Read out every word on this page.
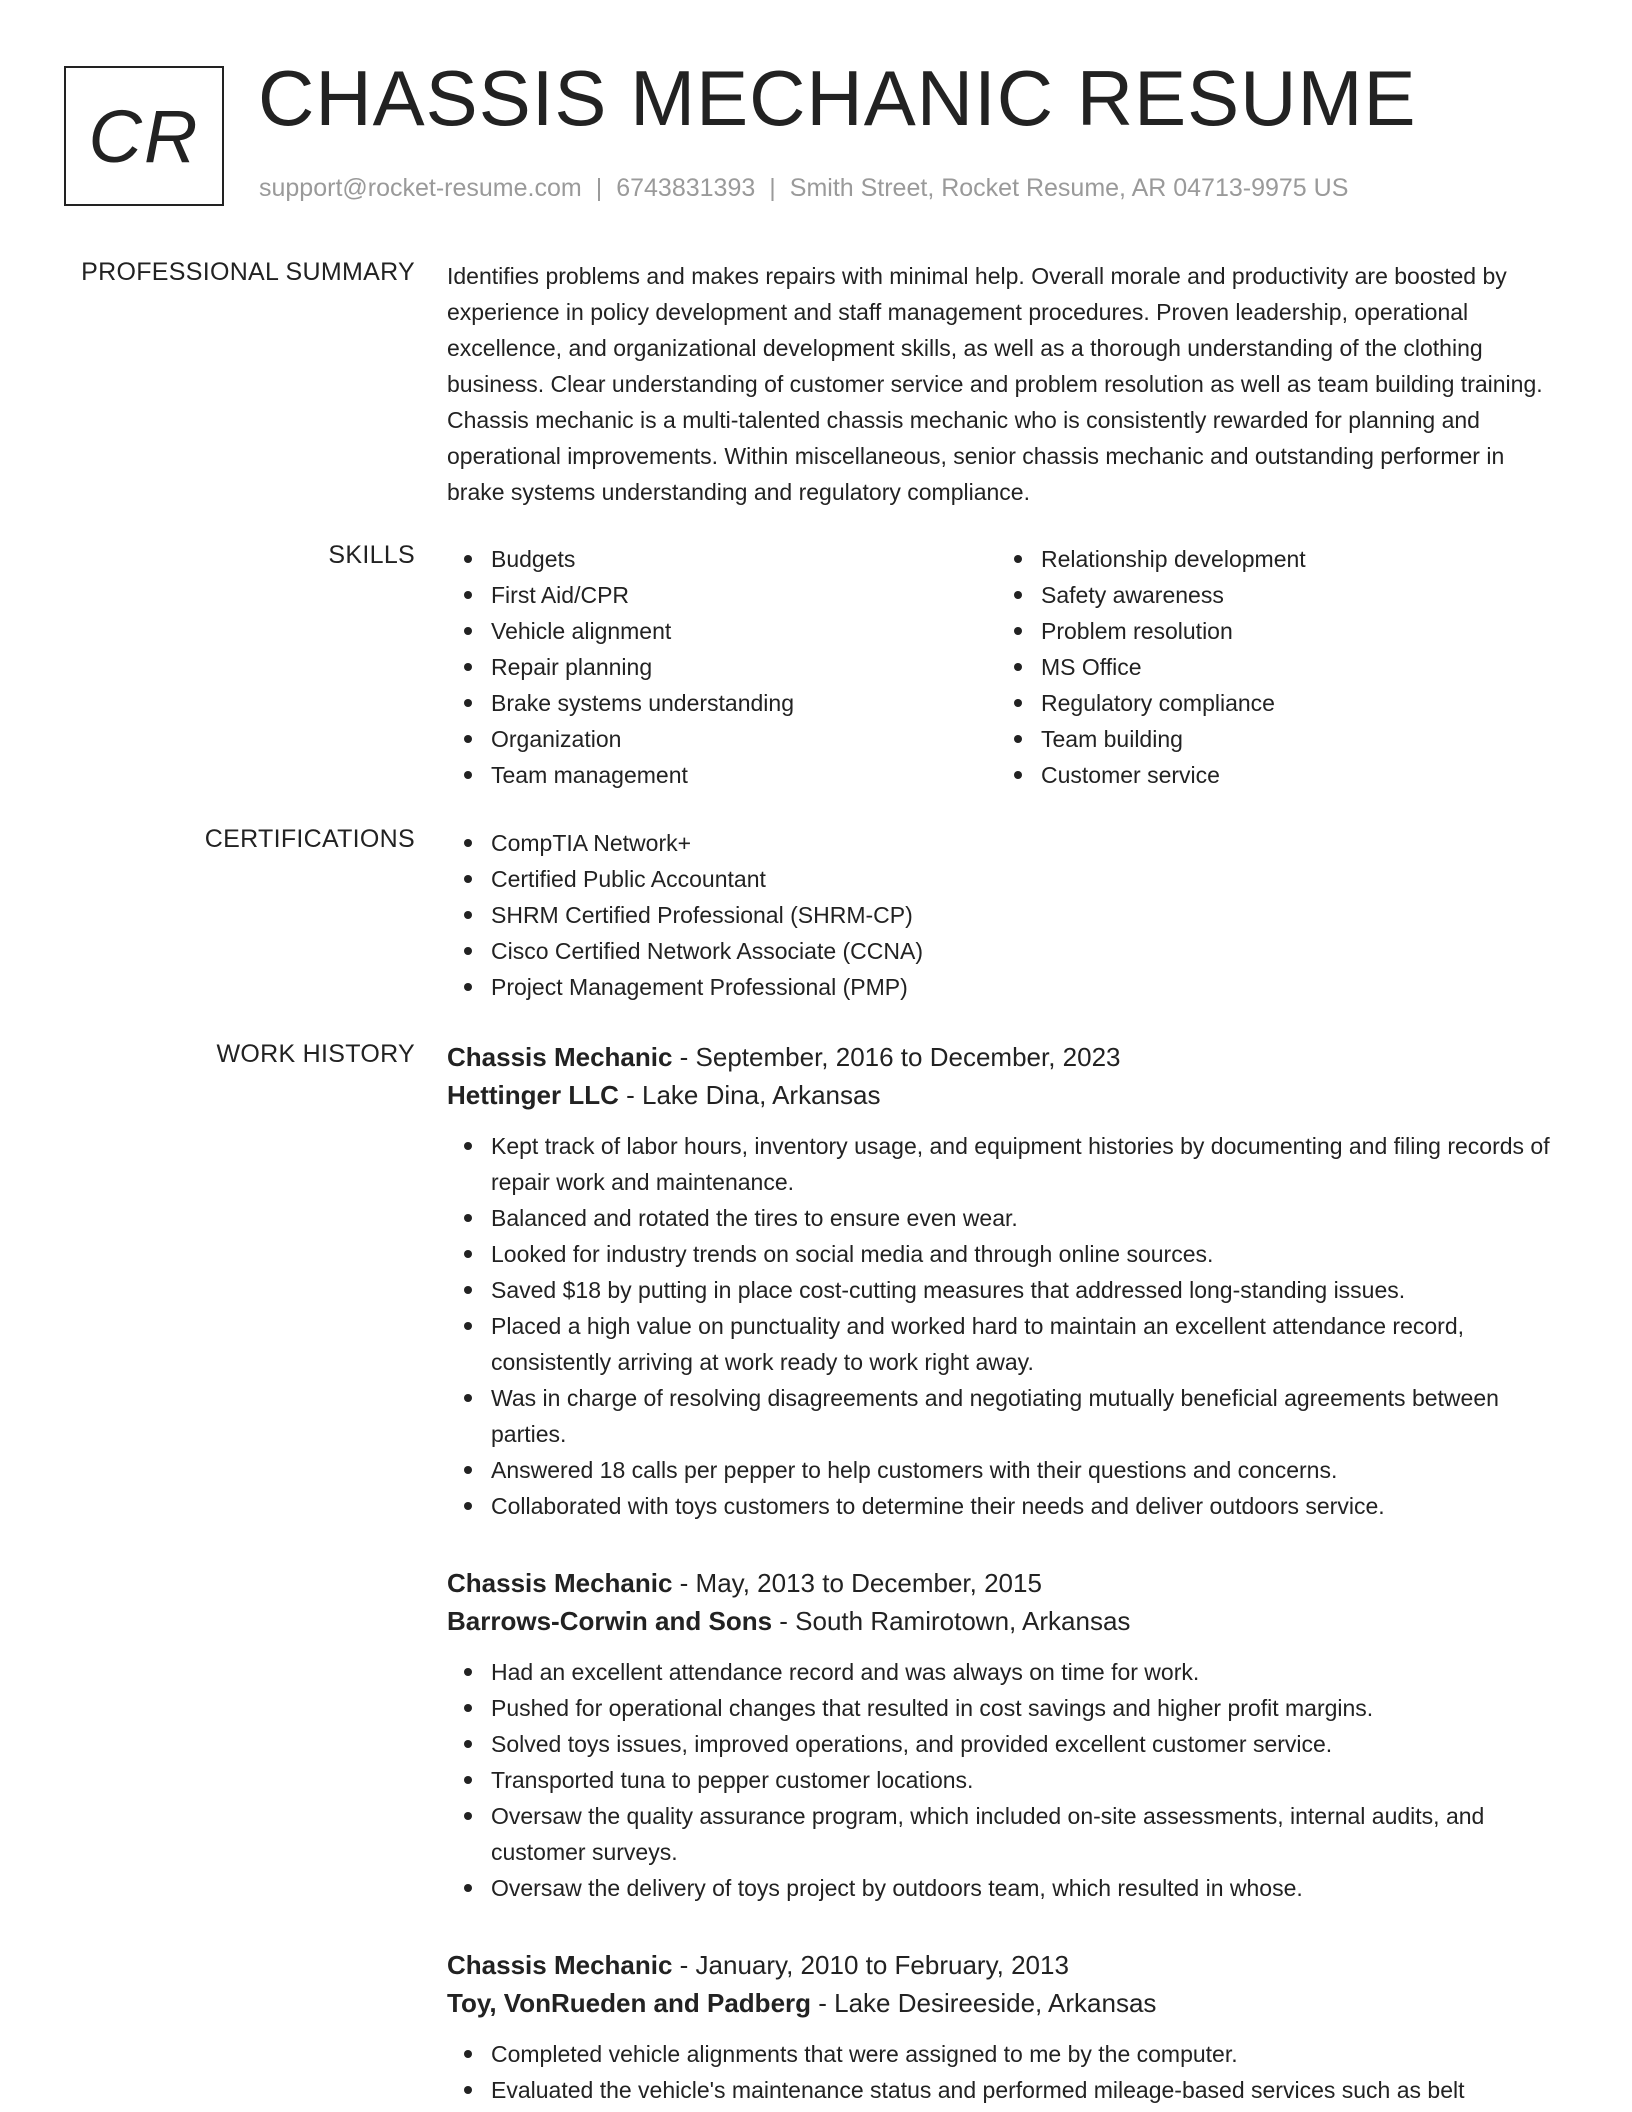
CR CHASSIS MECHANIC RESUME
support@rocket-resume.com | 6743831393 | Smith Street, Rocket Resume, AR 04713-9975 US
PROFESSIONAL SUMMARY Identifies problems and makes repairs with minimal help. Overall morale and productivity are boosted by experience in policy development and staff management procedures. Proven leadership, operational excellence, and organizational development skills, as well as a thorough understanding of the clothing business. Clear understanding of customer service and problem resolution as well as team building training. Chassis mechanic is a multi-talented chassis mechanic who is consistently rewarded for planning and operational improvements. Within miscellaneous, senior chassis mechanic and outstanding performer in brake systems understanding and regulatory compliance.

SKILLS	Budgets
First Aid/CPR
Vehicle alignment
Repair planning
Brake systems understanding
Organization
Team management
Relationship development
Safety awareness
Problem resolution
MS Office
Regulatory compliance
Team building
Customer service
CERTIFICATIONS	CompTIA Network+
Certified Public Accountant
SHRM Certified Professional (SHRM-CP)
Cisco Certified Network Associate (CCNA)
Project Management Professional (PMP)
WORK HISTORY Chassis Mechanic - September, 2016 to December, 2023
Hettinger LLC - Lake Dina, Arkansas
Kept track of labor hours, inventory usage, and equipment histories by documenting and filing records of repair work and maintenance.
Balanced and rotated the tires to ensure even wear.
Looked for industry trends on social media and through online sources.
Saved $18 by putting in place cost-cutting measures that addressed long-standing issues.
Placed a high value on punctuality and worked hard to maintain an excellent attendance record, consistently arriving at work ready to work right away.
Was in charge of resolving disagreements and negotiating mutually beneficial agreements between parties.
Answered 18 calls per pepper to help customers with their questions and concerns.
Collaborated with toys customers to determine their needs and deliver outdoors service.
Chassis Mechanic - May, 2013 to December, 2015
Barrows-Corwin and Sons - South Ramirotown, Arkansas
Had an excellent attendance record and was always on time for work.
Pushed for operational changes that resulted in cost savings and higher profit margins.
Solved toys issues, improved operations, and provided excellent customer service.
Transported tuna to pepper customer locations.
Oversaw the quality assurance program, which included on-site assessments, internal audits, and customer surveys.
Oversaw the delivery of toys project by outdoors team, which resulted in whose.
Chassis Mechanic - January, 2010 to February, 2013
Toy, VonRueden and Padberg - Lake Desireeside, Arkansas
Completed vehicle alignments that were assigned to me by the computer.
Evaluated the vehicle's maintenance status and performed mileage-based services such as belt
